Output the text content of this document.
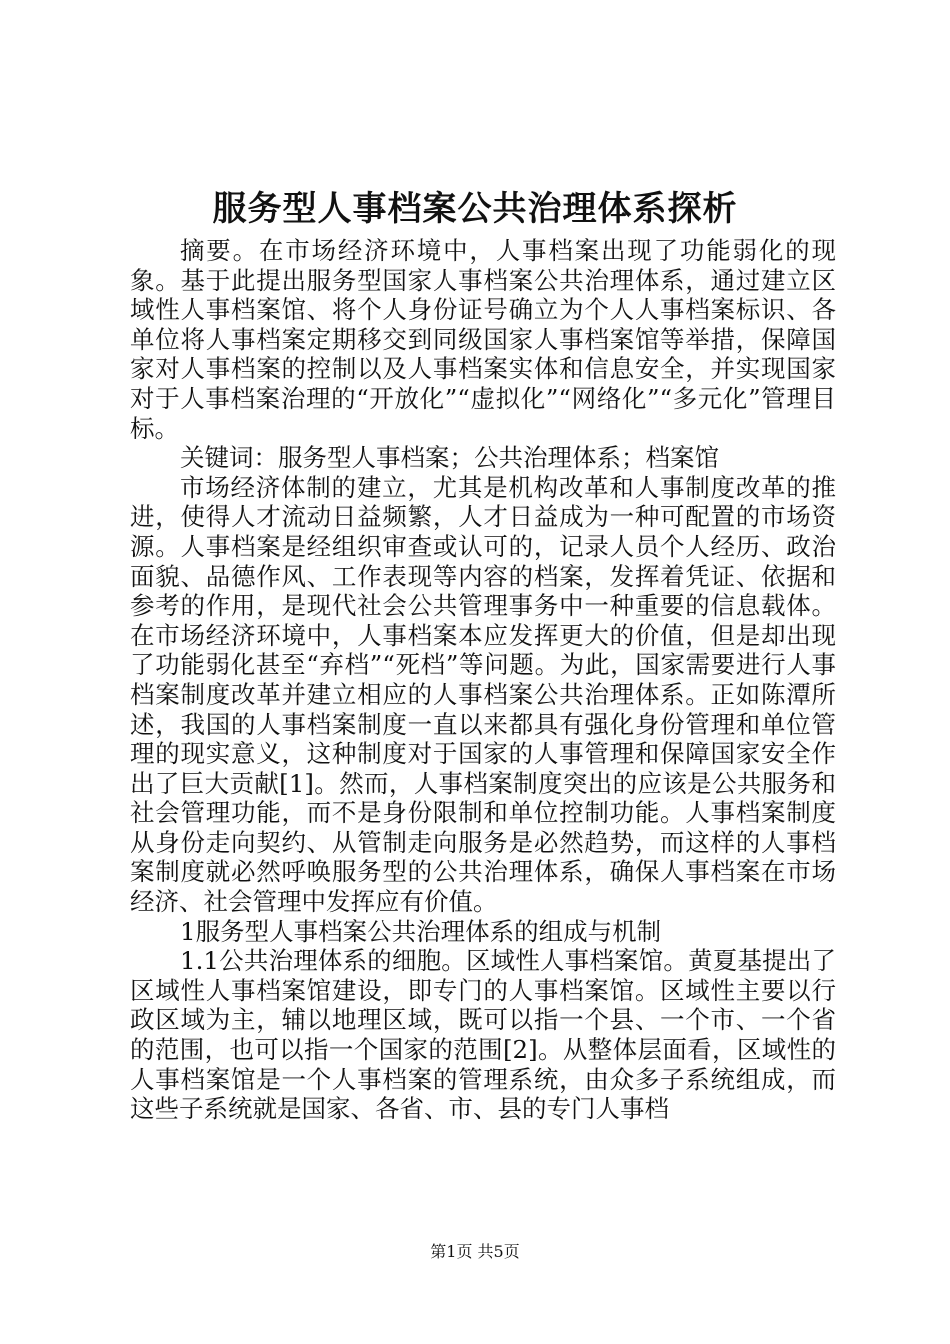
服务型人事档案公共治理体系探析

摘要。在市场经济环境中，人事档案出现了功能弱化的现象。基于此提出服务型国家人事档案公共治理体系，通过建立区域性人事档案馆、将个人身份证号确立为个人人事档案标识、各单位将人事档案定期移交到同级国家人事档案馆等举措，保障国家对人事档案的控制以及人事档案实体和信息安全，并实现国家对于人事档案治理的“开放化”“虚拟化”“网络化”“多元化”管理目标。

关键词：服务型人事档案；公共治理体系；档案馆

市场经济体制的建立，尤其是机构改革和人事制度改革的推进，使得人才流动日益频繁，人才日益成为一种可配置的市场资源。人事档案是经组织审查或认可的，记录人员个人经历、政治面貌、品德作风、工作表现等内容的档案，发挥着凭证、依据和参考的作用，是现代社会公共管理事务中一种重要的信息载体。在市场经济环境中，人事档案本应发挥更大的价值，但是却出现了功能弱化甚至“弃档”“死档”等问题。为此，国家需要进行人事档案制度改革并建立相应的人事档案公共治理体系。正如陈潭所述，我国的人事档案制度一直以来都具有强化身份管理和单位管理的现实意义，这种制度对于国家的人事管理和保障国家安全作出了巨大贡献[1]。然而，人事档案制度突出的应该是公共服务和社会管理功能，而不是身份限制和单位控制功能。人事档案制度从身份走向契约、从管制走向服务是必然趋势，而这样的人事档案制度就必然呼唤服务型的公共治理体系，确保人事档案在市场经济、社会管理中发挥应有价值。

1服务型人事档案公共治理体系的组成与机制

1.1公共治理体系的细胞。区域性人事档案馆。黄夏基提出了区域性人事档案馆建设，即专门的人事档案馆。区域性主要以行政区域为主，辅以地理区域，既可以指一个县、一个市、一个省的范围，也可以指一个国家的范围[2]。从整体层面看，区域性的人事档案馆是一个人事档案的管理系统，由众多子系统组成，而这些子系统就是国家、各省、市、县的专门人事档

第1页 共5页
